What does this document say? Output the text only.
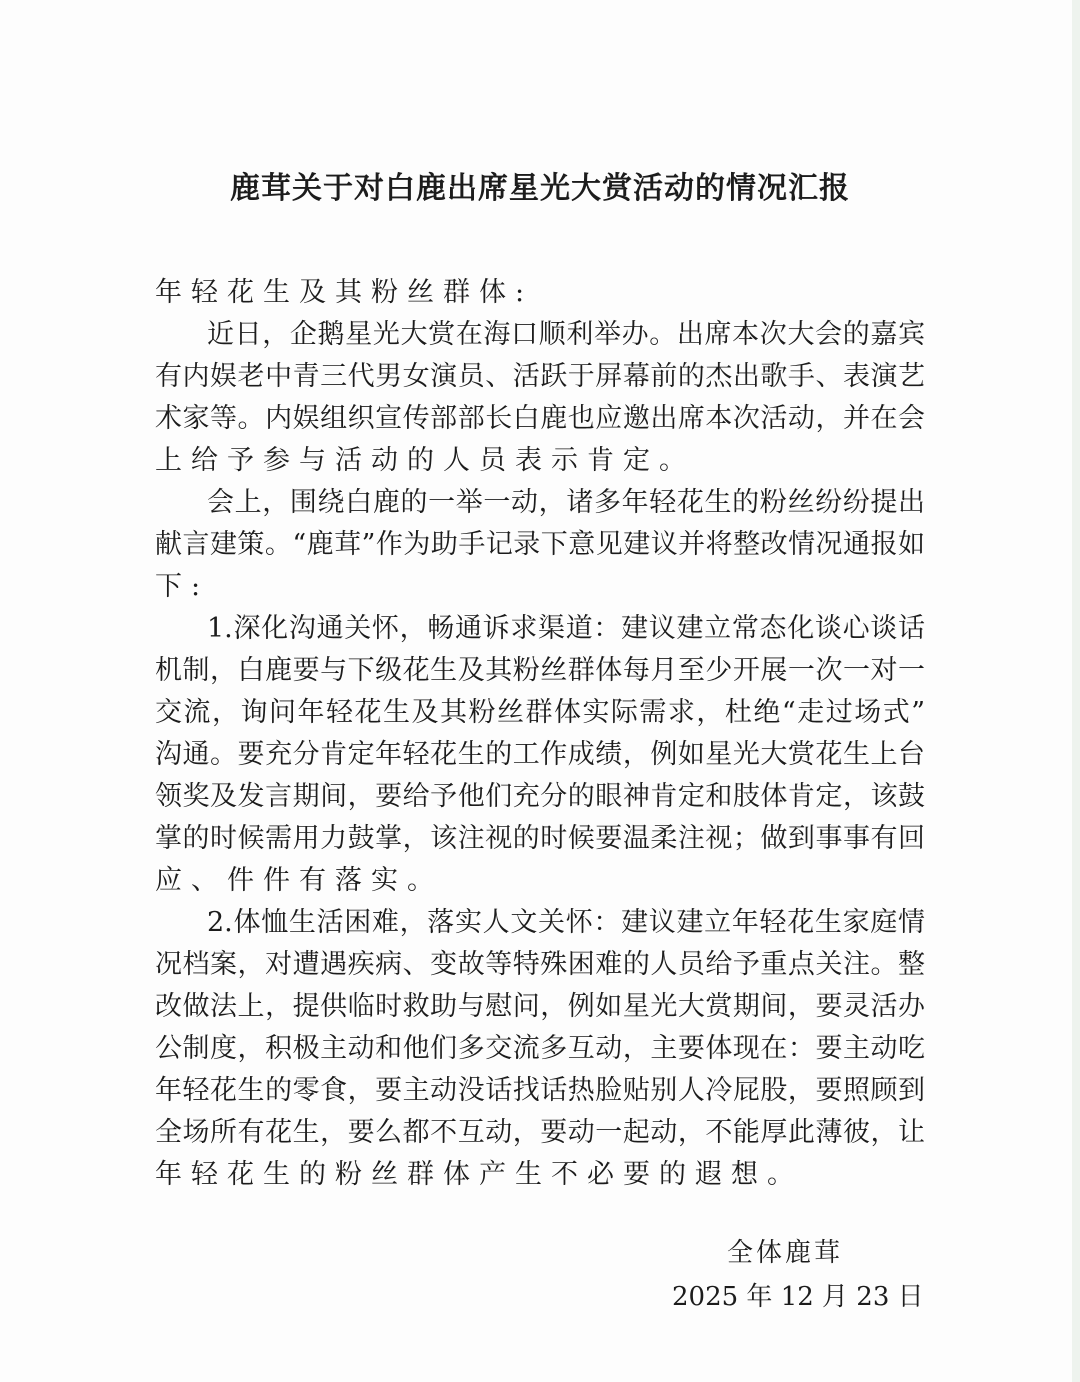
鹿茸关于对白鹿出席星光大赏活动的情况汇报
年轻花生及其粉丝群体:
近日，企鹅星光大赏在海口顺利举办。出席本次大会的嘉宾
有内娱老中青三代男女演员、活跃于屏幕前的杰出歌手、表演艺
术家等。内娱组织宣传部部长白鹿也应邀出席本次活动，并在会
上给予参与活动的人员表示肯定。
会上，围绕白鹿的一举一动，诸多年轻花生的粉丝纷纷提出
献言建策。“鹿茸”作为助手记录下意见建议并将整改情况通报如
下:
1.深化沟通关怀，畅通诉求渠道：建议建立常态化谈心谈话
机制，白鹿要与下级花生及其粉丝群体每月至少开展一次一对一
交流，询问年轻花生及其粉丝群体实际需求，杜绝“走过场式”
沟通。要充分肯定年轻花生的工作成绩，例如星光大赏花生上台
领奖及发言期间，要给予他们充分的眼神肯定和肢体肯定，该鼓
掌的时候需用力鼓掌，该注视的时候要温柔注视；做到事事有回
应、件件有落实。
2.体恤生活困难，落实人文关怀：建议建立年轻花生家庭情
况档案，对遭遇疾病、变故等特殊困难的人员给予重点关注。整
改做法上，提供临时救助与慰问，例如星光大赏期间，要灵活办
公制度，积极主动和他们多交流多互动，主要体现在：要主动吃
年轻花生的零食，要主动没话找话热脸贴别人冷屁股，要照顾到
全场所有花生，要么都不互动，要动一起动，不能厚此薄彼，让
年轻花生的粉丝群体产生不必要的遐想。
全体鹿茸
2025 年 12 月 23 日
